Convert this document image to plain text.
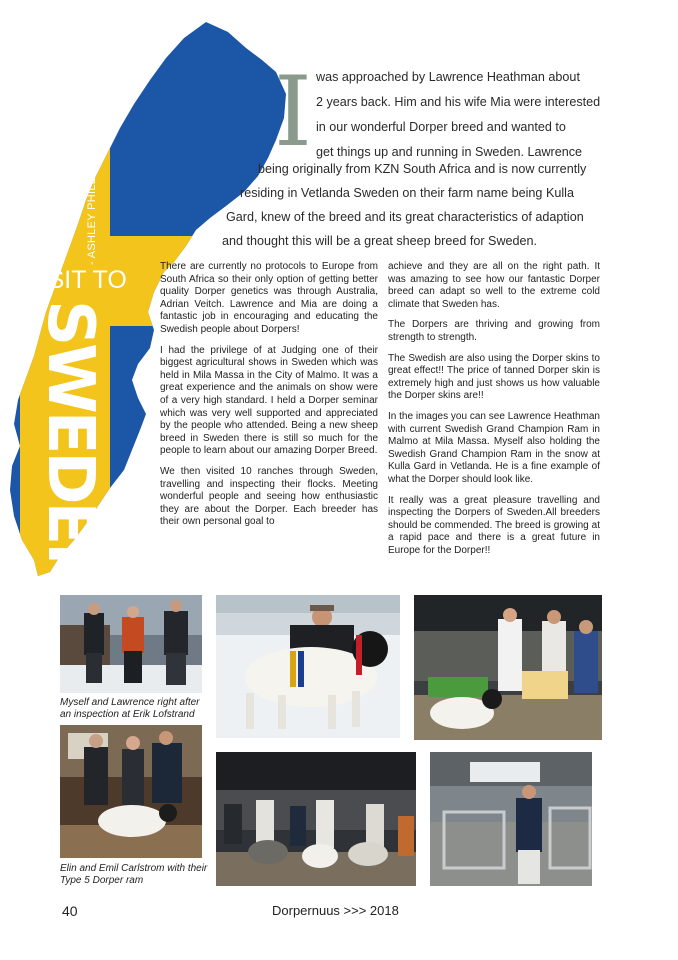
- ASHLEY PHILLIPS
VISIT TO
SWEDEN
I was approached by Lawrence Heathman about
2 years back. Him and his wife Mia were interested
in our wonderful Dorper breed and wanted to
get things up and running in Sweden. Lawrence
being originally from KZN South Africa and is now currently
residing in Vetlanda Sweden on their farm name being Kulla
Gard, knew of the breed and its great characteristics of adaption
and thought this will be a great sheep breed for Sweden.

There are currently no protocols to Europe from South Africa so their only option of getting better quality Dorper genetics was through Australia, Adrian Veitch. Lawrence and Mia are doing a fantastic job in encouraging and educating the Swedish people about Dorpers!

I had the privilege of at Judging one of their biggest agricultural shows in Sweden which was held in Mila Massa in the City of Malmo. It was a great experience and the animals on show were of a very high standard. I held a Dorper seminar which was very well supported and appreciated by the people who attended. Being a new sheep breed in Sweden there is still so much for the people to learn about our amazing Dorper Breed.

We then visited 10 ranches through Sweden, travelling and inspecting their flocks. Meeting wonderful people and seeing how enthusiastic they are about the Dorper. Each breeder has their own personal goal to

achieve and they are all on the right path. It was amazing to see how our fantastic Dorper breed can adapt so well to the extreme cold climate that Sweden has.

The Dorpers are thriving and growing from strength to strength.

The Swedish are also using the Dorper skins to great effect!! The price of tanned Dorper skin is extremely high and just shows us how valuable the Dorper skins are!!

In the images you can see Lawrence Heathman with current Swedish Grand Champion Ram in Malmo at Mila Massa. Myself also holding the Swedish Grand Champion Ram in the snow at Kulla Gard in Vetlanda. He is a fine example of what the Dorper should look like.

It really was a great pleasure travelling and inspecting the Dorpers of Sweden.All breeders should be commended. The breed is growing at a rapid pace and there is a great future in Europe for the Dorper!!

Myself and Lawrence right after an inspection at Erik Lofstrand
Elin and Emil Carlstrom with their Type 5 Dorper ram
40	Dorpernuus >>> 2018
